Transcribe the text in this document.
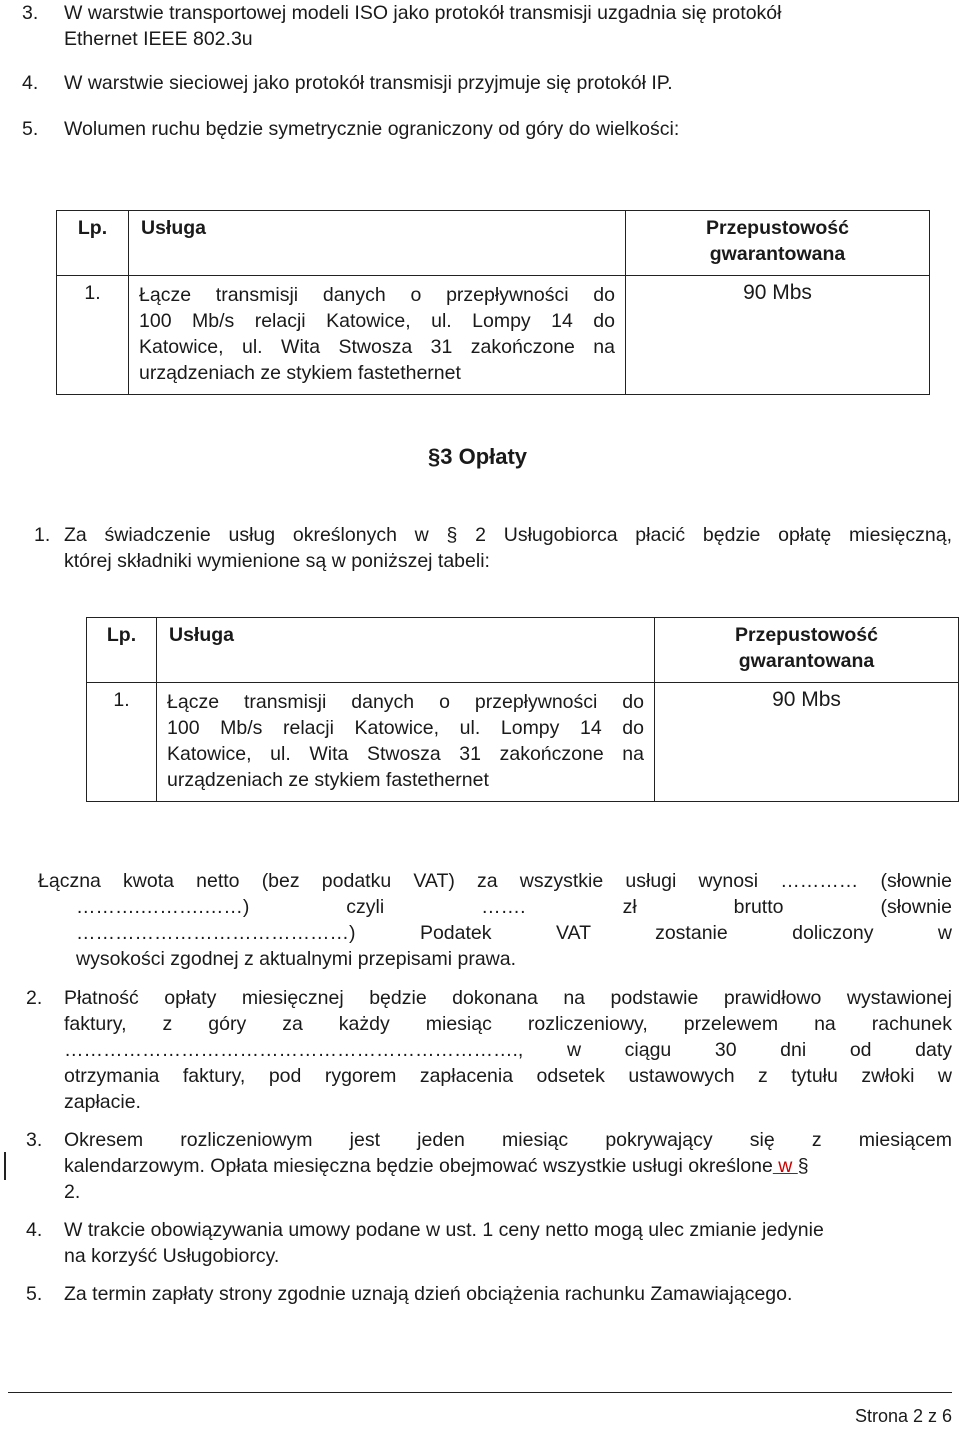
3. W warstwie transportowej modeli ISO jako protokół transmisji uzgadnia się protokół
Ethernet IEEE 802.3u
4. W warstwie sieciowej jako protokół transmisji przyjmuje się protokół IP.
5. Wolumen ruchu będzie symetrycznie ograniczony od góry do wielkości:
Lp.	Usługa	Przepustowość
gwarantowana
1.	Łącze transmisji danych o przepływności do
100 Mb/s relacji Katowice, ul. Lompy 14 do
Katowice, ul. Wita Stwosza 31 zakończone na
urządzeniach ze stykiem fastethernet	90 Mbs
§3 Opłaty
1. Za świadczenie usług określonych w § 2 Usługobiorca płacić będzie opłatę miesięczną,
której składniki wymienione są w poniższej tabeli:
Lp.	Usługa	Przepustowość
gwarantowana
1.	Łącze transmisji danych o przepływności do
100 Mb/s relacji Katowice, ul. Lompy 14 do
Katowice, ul. Wita Stwosza 31 zakończone na
urządzeniach ze stykiem fastethernet	90 Mbs
Łączna kwota netto (bez podatku VAT) za wszystkie usługi wynosi ………… (słownie
……….……….……) czyli ……. zł brutto (słownie
……………………………………) Podatek VAT zostanie doliczony w
wysokości zgodnej z aktualnymi przepisami prawa.
2. Płatność opłaty miesięcznej będzie dokonana na podstawie prawidłowo wystawionej
faktury, z góry za każdy miesiąc rozliczeniowy, przelewem na rachunek
……………………………………………………………., w ciągu 30 dni od daty
otrzymania faktury, pod rygorem zapłacenia odsetek ustawowych z tytułu zwłoki w
zapłacie.
3. Okresem rozliczeniowym jest jeden miesiąc pokrywający się z miesiącem
kalendarzowym. Opłata miesięczna będzie obejmować wszystkie usługi określone w §
2.
4. W trakcie obowiązywania umowy podane w ust. 1 ceny netto mogą ulec zmianie jedynie
na korzyść Usługobiorcy.
5. Za termin zapłaty strony zgodnie uznają dzień obciążenia rachunku Zamawiającego.
Strona 2 z 6
